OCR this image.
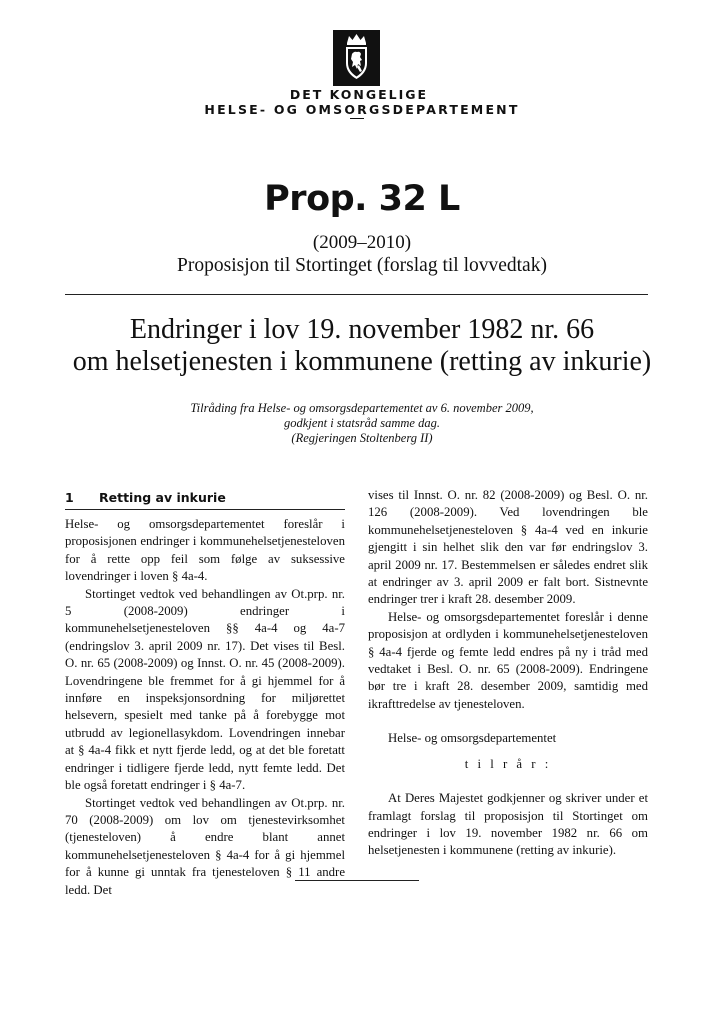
DET KONGELIGE
HELSE- OG OMSORGSDEPARTEMENT
Prop. 32 L
(2009–2010)
Proposisjon til Stortinget (forslag til lovvedtak)
Endringer i lov 19. november 1982 nr. 66
om helsetjenesten i kommunene (retting av inkurie)
Tilråding fra Helse- og omsorgsdepartementet av 6. november 2009,
godkjent i statsråd samme dag.
(Regjeringen Stoltenberg II)
1 Retting av inkurie

Helse- og omsorgsdepartementet foreslår i proposisjonen endringer i kommunehelsetjenesteloven for å rette opp feil som følge av suksessive lovendringer i loven § 4a-4.

Stortinget vedtok ved behandlingen av Ot.prp. nr. 5 (2008-2009) endringer i kommunehelsetjenesteloven §§ 4a-4 og 4a-7 (endringslov 3. april 2009 nr. 17). Det vises til Besl. O. nr. 65 (2008-2009) og Innst. O. nr. 45 (2008-2009). Lovendringene ble fremmet for å gi hjemmel for å innføre en inspeksjonsordning for miljørettet helsevern, spesielt med tanke på å forebygge mot utbrudd av legionellasykdom. Lovendringen innebar at § 4a-4 fikk et nytt fjerde ledd, og at det ble foretatt endringer i tidligere fjerde ledd, nytt femte ledd. Det ble også foretatt endringer i § 4a-7.

Stortinget vedtok ved behandlingen av Ot.prp. nr. 70 (2008-2009) om lov om tjenestevirksomhet (tjenesteloven) å endre blant annet kommunehelsetjenesteloven § 4a-4 for å gi hjemmel for å kunne gi unntak fra tjenesteloven § 11 andre ledd. Det

vises til Innst. O. nr. 82 (2008-2009) og Besl. O. nr. 126 (2008-2009). Ved lovendringen ble kommunehelsetjenesteloven § 4a-4 ved en inkurie gjengitt i sin helhet slik den var før endringslov 3. april 2009 nr. 17. Bestemmelsen er således endret slik at endringer av 3. april 2009 er falt bort. Sistnevnte endringer trer i kraft 28. desember 2009.

Helse- og omsorgsdepartementet foreslår i denne proposisjon at ordlyden i kommunehelsetjenesteloven § 4a-4 fjerde og femte ledd endres på ny i tråd med vedtaket i Besl. O. nr. 65 (2008-2009). Endringene bør tre i kraft 28. desember 2009, samtidig med ikrafttredelse av tjenesteloven.

Helse- og omsorgsdepartementet

t i l r å r :

At Deres Majestet godkjenner og skriver under et framlagt forslag til proposisjon til Stortinget om endringer i lov 19. november 1982 nr. 66 om helsetjenesten i kommunene (retting av inkurie).
